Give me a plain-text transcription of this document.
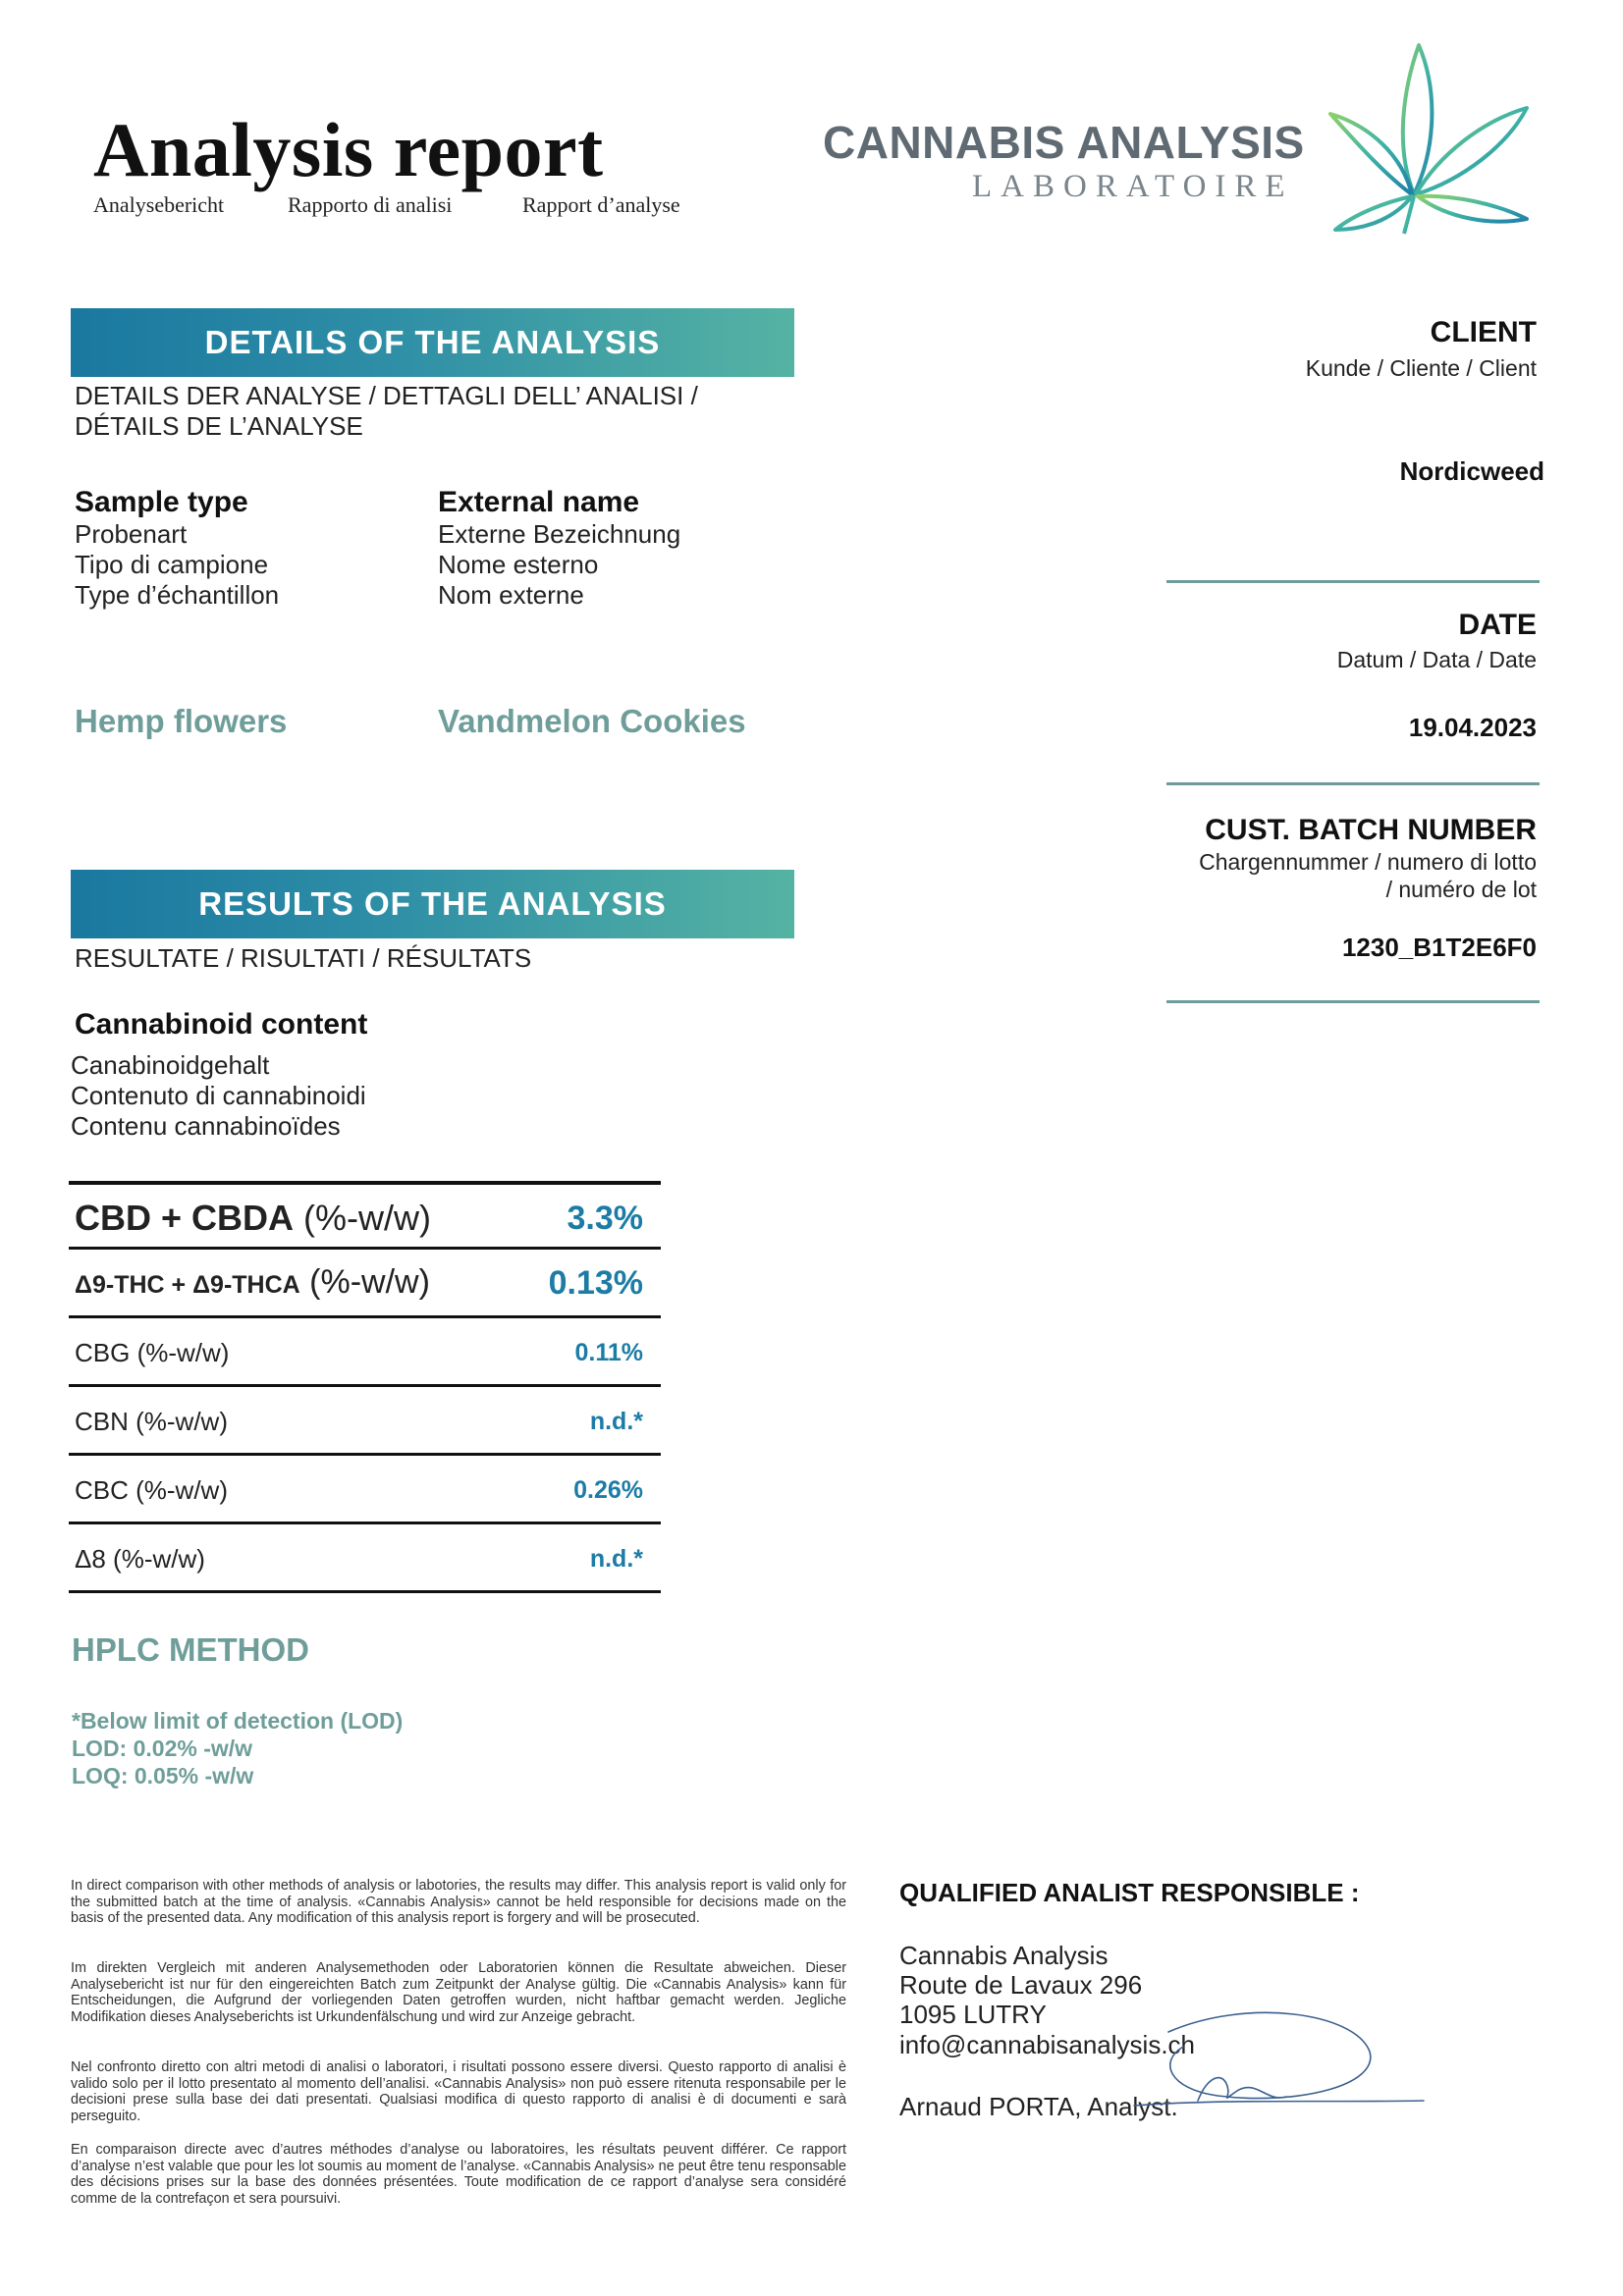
Analysis report
Analysebericht	Rapporto di analisi	Rapport d’analyse
CANNABIS ANALYSIS
LABORATOIRE
DETAILS OF THE ANALYSIS
DETAILS DER ANALYSE / DETTAGLI DELL’ ANALISI /
DÉTAILS DE L’ANALYSE
Sample type
Probenart
Tipo di campione
Type d’échantillon
External name
Externe Bezeichnung
Nome esterno
Nom externe
Hemp flowers	Vandmelon Cookies
RESULTS OF THE ANALYSIS
RESULTATE / RISULTATI / RÉSULTATS
Cannabinoid content
Canabinoidgehalt
Contenuto di cannabinoidi
Contenu cannabinoïdes
CBD + CBDA (%-w/w)	3.3%
Δ9-THC + Δ9-THCA (%-w/w)	0.13%
CBG (%-w/w)	0.11%
CBN (%-w/w)	n.d.*
CBC (%-w/w)	0.26%
Δ8 (%-w/w)	n.d.*
HPLC METHOD
*Below limit of detection (LOD)
LOD: 0.02% -w/w
LOQ: 0.05% -w/w
CLIENT
Kunde / Cliente / Client
Nordicweed
DATE
Datum / Data / Date
19.04.2023
CUST. BATCH NUMBER
Chargennummer / numero di lotto
/ numéro de lot
1230_B1T2E6F0
In direct comparison with other methods of analysis or labotories, the results may differ. This analysis report is valid only for the submitted batch at the time of analysis. «Cannabis Analysis» cannot be held responsible for decisions made on the basis of the presented data. Any modification of this analysis report is forgery and will be prosecuted.
Im direkten Vergleich mit anderen Analysemethoden oder Laboratorien können die Resultate abweichen. Dieser Analysebericht ist nur für den eingereichten Batch zum Zeitpunkt der Analyse gültig. Die «Cannabis Analysis» kann für Entscheidungen, die Aufgrund der vorliegenden Daten getroffen wurden, nicht haftbar gemacht werden. Jegliche Modifikation dieses Analyseberichts ist Urkundenfälschung und wird zur Anzeige gebracht.
Nel confronto diretto con altri metodi di analisi o laboratori, i risultati possono essere diversi. Questo rapporto di analisi è valido solo per il lotto presentato al momento dell’analisi. «Cannabis Analysis» non può essere ritenuta responsabile per le decisioni prese sulla base dei dati presentati. Qualsiasi modifica di questo rapporto di analisi è di documenti e sarà perseguito.
En comparaison directe avec d’autres méthodes d’analyse ou laboratoires, les résultats peuvent différer. Ce rapport d’analyse n’est valable que pour les lot soumis au moment de l’analyse. «Cannabis Analysis» ne peut être tenu responsable des décisions prises sur la base des données présentées. Toute modification de ce rapport d’analyse sera considéré comme de la contrefaçon et sera poursuivi.
QUALIFIED ANALIST RESPONSIBLE :
Cannabis Analysis
Route de Lavaux 296
1095 LUTRY
info@cannabisanalysis.ch
Arnaud PORTA, Analyst.
